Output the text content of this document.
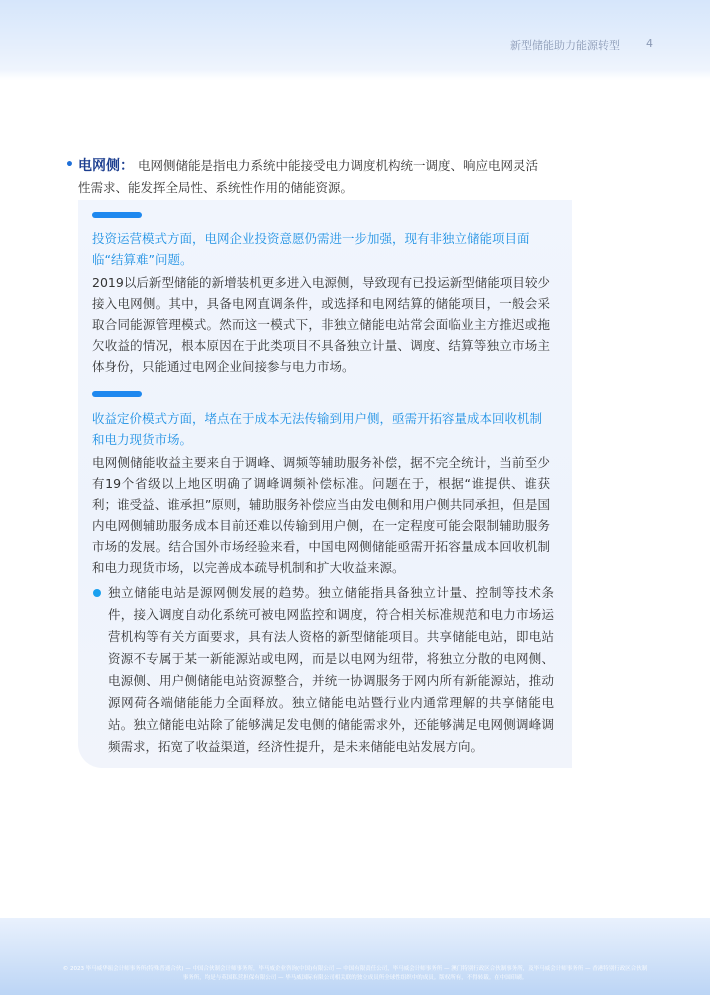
新型储能助力能源转型 4
• 电网侧： 电网侧储能是指电力系统中能接受电力调度机构统一调度、响应电网灵活性需求、能发挥全局性、系统性作用的储能资源。
投资运营模式方面，电网企业投资意愿仍需进一步加强，现有非独立储能项目面临“结算难”问题。
2019以后新型储能的新增装机更多进入电源侧，导致现有已投运新型储能项目较少接入电网侧。其中，具备电网直调条件，或选择和电网结算的储能项目，一般会采取合同能源管理模式。然而这一模式下，非独立储能电站常会面临业主方推迟或拖欠收益的情况，根本原因在于此类项目不具备独立计量、调度、结算等独立市场主体身份，只能通过电网企业间接参与电力市场。
收益定价模式方面，堵点在于成本无法传输到用户侧，亟需开拓容量成本回收机制和电力现货市场。
电网侧储能收益主要来自于调峰、调频等辅助服务补偿，据不完全统计，当前至少有19个省级以上地区明确了调峰调频补偿标准。问题在于，根据“谁提供、谁获利；谁受益、谁承担”原则，辅助服务补偿应当由发电侧和用户侧共同承担，但是国内电网侧辅助服务成本目前还难以传输到用户侧，在一定程度可能会限制辅助服务市场的发展。结合国外市场经验来看，中国电网侧储能亟需开拓容量成本回收机制和电力现货市场，以完善成本疏导机制和扩大收益来源。
独立储能电站是源网侧发展的趋势。独立储能指具备独立计量、控制等技术条件，接入调度自动化系统可被电网监控和调度，符合相关标准规范和电力市场运营机构等有关方面要求，具有法人资格的新型储能项目。共享储能电站，即电站资源不专属于某一新能源站或电网，而是以电网为纽带，将独立分散的电网侧、电源侧、用户侧储能电站资源整合，并统一协调服务于网内所有新能源站，推动源网荷各端储能能力全面释放。独立储能电站暨行业内通常理解的共享储能电站。独立储能电站除了能够满足发电侧的储能需求外，还能够满足电网侧调峰调频需求，拓宽了收益渠道，经济性提升，是未来储能电站发展方向。
© 2023 毕马威华振会计师事务所(特殊普通合伙) — 中国合伙制会计师事务所，毕马威企业咨询(中国)有限公司 — 中国有限责任公司，毕马威会计师事务所 — 澳门特别行政区合伙制事务所，及毕马威会计师事务所 — 香港特别行政区合伙制事务所，均是与英国私营担保有限公司 — 毕马威国际有限公司相关联的独立成员所全球性组织中的成员。版权所有，不得转载。在中国印刷。
